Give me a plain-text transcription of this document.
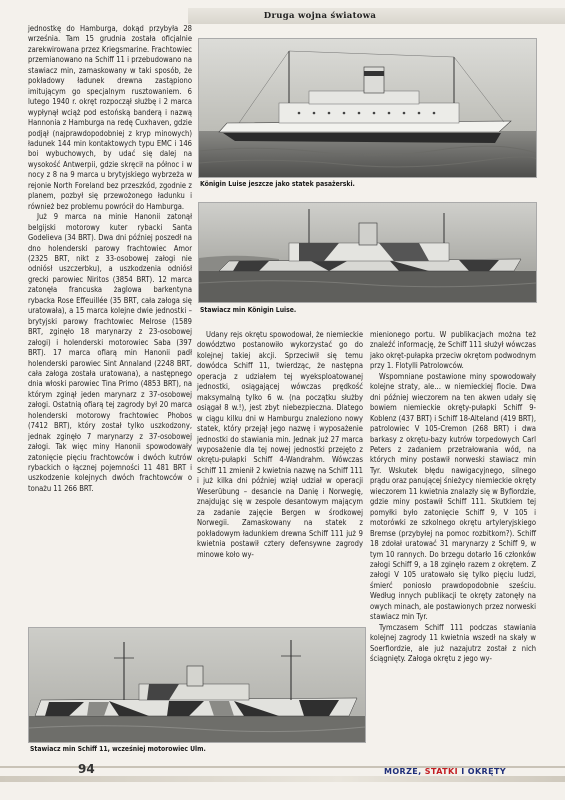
Druga wojna światowa

jednostkę do Hamburga, dokąd przybyła 28 września. Tam 15 grudnia została oficjalnie zarekwirowana przez Kriegsmarine. Frachtowiec przemianowano na Schiff 11 i przebudowano na stawiacz min, zamaskowany w taki sposób, że pokładowy ładunek drewna zastąpiono imitującym go specjalnym rusztowaniem. 6 lutego 1940 r. okręt rozpoczął służbę i 2 marca wypłynął wciąż pod estońską banderą i nazwą Hannonia z Hamburga na redę Cuxhaven, gdzie podjął (najprawdopodobniej z kryp minowych) ładunek 144 min kontaktowych typu EMC i 146 boi wybuchowych, by udać się dalej na wysokość Antwerpii, gdzie skręcił na północ i w nocy z 8 na 9 marca u brytyjskiego wybrzeża w rejonie North Foreland bez przeszkód, zgodnie z planem, pozbył się przewożonego ładunku i również bez problemu powrócił do Hamburga.

Już 9 marca na minie Hanonii zatonął belgijski motorowy kuter rybacki Santa Godelieva (34 BRT). Dwa dni później poszedł na dno holenderski parowy frachtowiec Amor (2325 BRT, nikt z 33-osobowej załogi nie odniósł uszczerbku), a uszkodzenia odniósł grecki parowiec Niritos (3854 BRT). 12 marca zatonęła francuska żaglowa barkentyna rybacka Rose Effeuillée (35 BRT, cała załoga się uratowała), a 15 marca kolejne dwie jednostki – brytyjski parowy frachtowiec Melrose (1589 BRT, zginęło 18 marynarzy z 23-osobowej załogi) i holenderski motorowiec Saba (397 BRT). 17 marca ofiarą min Hanonii padł holenderski parowiec Sint Annaland (2248 BRT, cała załoga została uratowana), a następnego dnia włoski parowiec Tina Primo (4853 BRT), na którym zginął jeden marynarz z 37-osobowej załogi. Ostatnią ofiarą tej zagrody był 20 marca holenderski motorowy frachtowiec Phobos (7412 BRT), który został tylko uszkodzony, jednak zginęło 7 marynarzy z 37-osobowej załogi. Tak więc miny Hanonii spowodowały zatonięcie pięciu frachtowców i dwóch kutrów rybackich o łącznej pojemności 11 481 BRT i uszkodzenie kolejnych dwóch frachtowców o tonażu 11 266 BRT.

Königin Luise jeszcze jako statek pasażerski.
Stawiacz min Königin Luise.

Udany rejs okrętu spowodował, że niemieckie dowództwo postanowiło wykorzystać go do kolejnej takiej akcji. Sprzeciwił się temu dowódca Schiff 11, twierdząc, że następna operacja z udziałem tej wyeksploatowanej jednostki, osiągającej wówczas prędkość maksymalną tylko 6 w. (na początku służby osiągał 8 w.!), jest zbyt niebezpieczna. Dlatego w ciągu kilku dni w Hamburgu znaleziono nowy statek, który przejął jego nazwę i wyposażenie jednostki do stawiania min. Jednak już 27 marca wyposażenie dla tej nowej jednostki przejęto z okrętu-pułapki Schiff 4-Wandrahm. Wówczas Schiff 11 zmienił 2 kwietnia nazwę na Schiff 111 i już kilka dni później wziął udział w operacji Weserübung – desancie na Danię i Norwegię, znajdując się w zespole desantowym mającym za zadanie zajęcie Bergen w środkowej Norwegii. Zamaskowany na statek z pokładowym ładunkiem drewna Schiff 111 już 9 kwietnia postawił cztery defensywne zagrody minowe koło wy-

mienionego portu. W publikacjach można też znaleźć informację, że Schiff 111 służył wówczas jako okręt-pułapka przeciw okrętom podwodnym przy 1. Flotylli Patrolowców.

Wspomniane postawione miny spowodowały kolejne straty, ale… w niemieckiej flocie. Dwa dni później wieczorem na ten akwen udały się bowiem niemieckie okręty-pułapki Schiff 9-Koblenz (437 BRT) i Schiff 18-Alteland (419 BRT), patrolowiec V 105-Cremon (268 BRT) i dwa barkasy z okrętu-bazy kutrów torpedowych Carl Peters z zadaniem przetrałowania wód, na których miny postawił norweski stawiacz min Tyr. Wskutek błędu nawigacyjnego, silnego prądu oraz panującej śnieżycy niemieckie okręty wieczorem 11 kwietnia znalazły się w Byfiordzie, gdzie miny postawił Schiff 111. Skutkiem tej pomyłki było zatonięcie Schiff 9, V 105 i motorówki ze szkolnego okrętu artyleryjskiego Bremse (przybyłej na pomoc rozbitkom?). Schiff 18 zdołał uratować 31 marynarzy z Schiff 9, w tym 10 rannych. Do brzegu dotarło 16 członków załogi Schiff 9, a 18 zginęło razem z okrętem. Z załogi V 105 uratowało się tylko pięciu ludzi, śmierć poniosło prawdopodobnie sześciu. Według innych publikacji te okręty zatonęły na owych minach, ale postawionych przez norweski stawiacz min Tyr.

Tymczasem Schiff 111 podczas stawiania kolejnej zagrody 11 kwietnia wszedł na skały w Soerfiordzie, ale już nazajutrz został z nich ściągnięty. Załoga okrętu z jego wy-

Stawiacz min Schiff 11, wcześniej motorowiec Ulm.
94	MORZE, STATKI I OKRĘTY
